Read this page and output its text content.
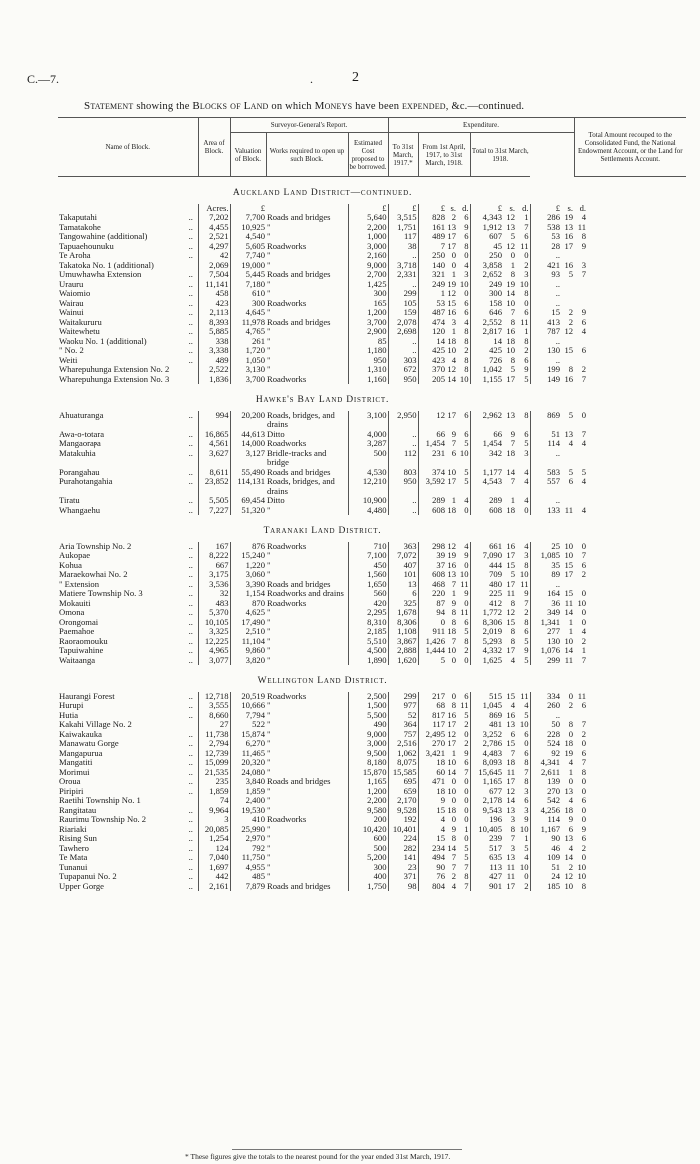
C.—7.	.	2
Statement showing the Blocks of Land on which Moneys have been expended, &c.—continued.
Name of Block.		Area of Block.	Surveyor-General's Report.			Expenditure.									Total Amount recouped to the Consolidated Fund, the National Endowment Account, or the Land for Settlements Account.
			Valuation of Block.	Works required to open up such Block.	Estimated Cost proposed to be borrowed.	To 31st March, 1917.*	From 1st April, 1917, to 31st March, 1918.			Total to 31st March, 1918.					
Auckland Land District—continued.															
		Acres.	£		£	£	£	s.	d.	£	s.	d.	£	s.	d.
Takaputahi	..	7,202	7,700	Roads and bridges	5,640	3,515	828	2	6	4,343	12	1	286	19	4
Tamatakohe	..	4,455	10,925	"	2,200	1,751	161	13	9	1,912	13	7	538	13	11
Tangowahine (additional)	..	2,521	4,540	"	1,000	117	489	17	6	607	5	6	53	16	8
Tapuaehounuku	..	4,297	5,605	Roadworks	3,000	38	7	17	8	45	12	11	28	17	9
Te Aroha	..	42	7,740	"	2,160	..	250	0	0	250	0	0	..		
Takatoka No. 1 (additional)		2,069	19,000	"	9,000	3,718	140	0	4	3,858	1	2	421	16	3
Umuwhawha Extension	..	7,504	5,445	Roads and bridges	2,700	2,331	321	1	3	2,652	8	3	93	5	7
Urauru	..	11,141	7,180	"	1,425	..	249	19	10	249	19	10	..		
Waiomio	..	458	610	"	300	299	1	12	0	300	14	8	..		
Wairau	..	423	300	Roadworks	165	105	53	15	6	158	10	0	..		
Wainui	..	2,113	4,645	"	1,200	159	487	16	6	646	7	6	15	2	9
Waitakururu	..	8,393	11,978	Roads and bridges	3,700	2,078	474	3	4	2,552	8	11	413	2	6
Waitewhetu	..	5,885	4,765	"	2,900	2,698	120	1	8	2,817	16	1	787	12	4
Waoku No. 1 (additional)	..	338	261	"	85	..	14	18	8	14	18	8	..		
" No. 2	..	3,338	1,720	"	1,180	..	425	10	2	425	10	2	130	15	6
Weiti	..	489	1,050	"	950	303	423	4	8	726	8	6	..		
Wharepuhunga Extension No. 2		2,522	3,130	"	1,310	672	370	12	8	1,042	5	9	199	8	2
Wharepuhunga Extension No. 3		1,836	3,700	Roadworks	1,160	950	205	14	10	1,155	17	5	149	16	7
Hawke's Bay Land District.															
Ahuaturanga	..	994	20,200	Roads, bridges, and drains	3,100	2,950	12	17	6	2,962	13	8	869	5	0
Awa-o-totara	..	16,865	44,613	Ditto	4,000	..	66	9	6	66	9	6	51	13	7
Mangaoraⲣa	..	4,561	14,000	Roadworks	3,287	..	1,454	7	5	1,454	7	5	114	4	4
Matakuhia	..	3,627	3,127	Bridle-tracks and bridge	500	112	231	6	10	342	18	3	..		
Porangahau	..	8,611	55,490	Roads and bridges	4,530	803	374	10	5	1,177	14	4	583	5	5
Purahotangahia	..	23,852	114,131	Roads, bridges, and drains	12,210	950	3,592	17	5	4,543	7	4	557	6	4
Tiratu	..	5,505	69,454	Ditto	10,900	..	289	1	4	289	1	4	..		
Whangaehu	..	7,227	51,320	"	4,480	..	608	18	0	608	18	0	133	11	4
Taranaki Land District.															
Aria Township No. 2	..	167	876	Roadworks	710	363	298	12	4	661	16	4	25	10	0
Aukopae	..	8,222	15,240	"	7,100	7,072	39	19	9	7,090	17	3	1,085	10	7
Kohua	..	667	1,220	"	450	407	37	16	0	444	15	8	35	15	6
Maraekowhai No. 2	..	3,175	3,060	"	1,560	101	608	13	10	709	5	10	89	17	2
" Extension	..	3,536	3,390	Roads and bridges	1,650	13	468	7	11	480	17	11	..		
Matiere Township No. 3	..	32	1,154	Roadworks and drains	560	6	220	1	9	225	11	9	164	15	0
Mokauiti	..	483	870	Roadworks	420	325	87	9	0	412	8	7	36	11	10
Omona	..	5,370	4,625	"	2,295	1,678	94	8	11	1,772	12	2	349	14	0
Orongomai	..	10,105	17,490	"	8,310	8,306	0	8	6	8,306	15	8	1,341	1	0
Paemahoe	..	3,325	2,510	"	2,185	1,108	911	18	5	2,019	8	6	277	1	4
Raoraomouku	..	12,225	11,104	"	5,510	3,867	1,426	7	8	5,293	8	5	130	10	2
Tapuiwahine	..	4,965	9,860	"	4,500	2,888	1,444	10	2	4,332	17	9	1,076	14	1
Waitaanga	..	3,077	3,820	"	1,890	1,620	5	0	0	1,625	4	5	299	11	7
Wellington Land District.															
Haurangi Forest	..	12,718	20,519	Roadworks	2,500	299	217	0	6	515	15	11	334	0	11
Hurupi	..	3,555	10,666	"	1,500	977	68	8	11	1,045	4	4	260	2	6
Hutia	..	8,660	7,794	"	5,500	52	817	16	5	869	16	5	..		
Kakahi Village No. 2		27	522	"	490	364	117	17	2	481	13	10	50	8	7
Kaiwakauka	..	11,738	15,874	"	9,000	757	2,495	12	0	3,252	6	6	228	0	2
Manawatu Gorge	..	2,794	6,270	"	3,000	2,516	270	17	2	2,786	15	0	524	18	0
Mangapurua	..	12,739	11,465	"	9,500	1,062	3,421	1	9	4,483	7	6	92	19	6
Mangatiti	..	15,099	20,320	"	8,180	8,075	18	10	6	8,093	18	8	4,341	4	7
Morimui	..	21,535	24,080	"	15,870	15,585	60	14	7	15,645	11	7	2,611	1	8
Oroua	..	235	3,840	Roads and bridges	1,165	695	471	0	0	1,165	17	8	139	0	0
Piripiri	..	1,859	1,859	"	1,200	659	18	10	0	677	12	3	270	13	0
Raetihi Township No. 1		74	2,400	"	2,200	2,170	9	0	0	2,178	14	6	542	4	6
Rangitatau	..	9,964	19,530	"	9,580	9,528	15	18	0	9,543	13	3	4,256	18	0
Raurimu Township No. 2	..	3	410	Roadworks	200	192	4	0	0	196	3	9	114	9	0
Riariaki	..	20,085	25,990	"	10,420	10,401	4	9	1	10,405	8	10	1,167	6	9
Rising Sun	..	1,254	2,970	"	600	224	15	8	0	239	7	1	90	13	6
Tawhero	..	124	792	"	500	282	234	14	5	517	3	5	46	4	2
Te Mata	..	7,040	11,750	"	5,200	141	494	7	5	635	13	4	109	14	0
Tunanui	..	1,697	4,955	"	300	23	90	7	7	113	11	10	51	2	10
Tupapanui No. 2	..	442	485	"	400	371	76	2	8	427	11	0	24	12	10
Upper Gorge	..	2,161	7,879	Roads and bridges	1,750	98	804	4	7	901	17	2	185	10	8
* These figures give the totals to the nearest pound for the year ended 31st March, 1917.
